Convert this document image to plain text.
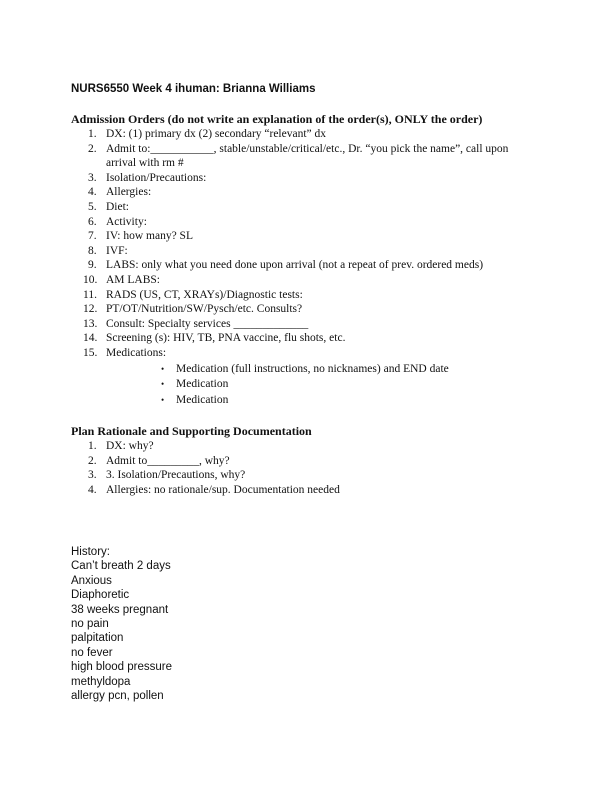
NURS6550 Week 4 ihuman: Brianna Williams
Admission Orders (do not write an explanation of the order(s), ONLY the order)
1. DX: (1) primary dx (2) secondary “relevant” dx
2. Admit to:___________, stable/unstable/critical/etc., Dr. “you pick the name”, call upon arrival with rm #
3. Isolation/Precautions:
4. Allergies:
5. Diet:
6. Activity:
7. IV: how many? SL
8. IVF:
9. LABS: only what you need done upon arrival (not a repeat of prev. ordered meds)
10. AM LABS:
11. RADS (US, CT, XRAYs)/Diagnostic tests:
12. PT/OT/Nutrition/SW/Pysch/etc. Consults?
13. Consult: Specialty services _____________
14. Screening (s): HIV, TB, PNA vaccine, flu shots, etc.
15. Medications:
• Medication (full instructions, no nicknames) and END date
• Medication
• Medication
Plan Rationale and Supporting Documentation
1. DX: why?
2. Admit to_________, why?
3. 3. Isolation/Precautions, why?
4. Allergies: no rationale/sup. Documentation needed
History:
Can’t breath 2 days
Anxious
Diaphoretic
38 weeks pregnant
no pain
palpitation
no fever
high blood pressure
methyldopa
allergy pcn, pollen
